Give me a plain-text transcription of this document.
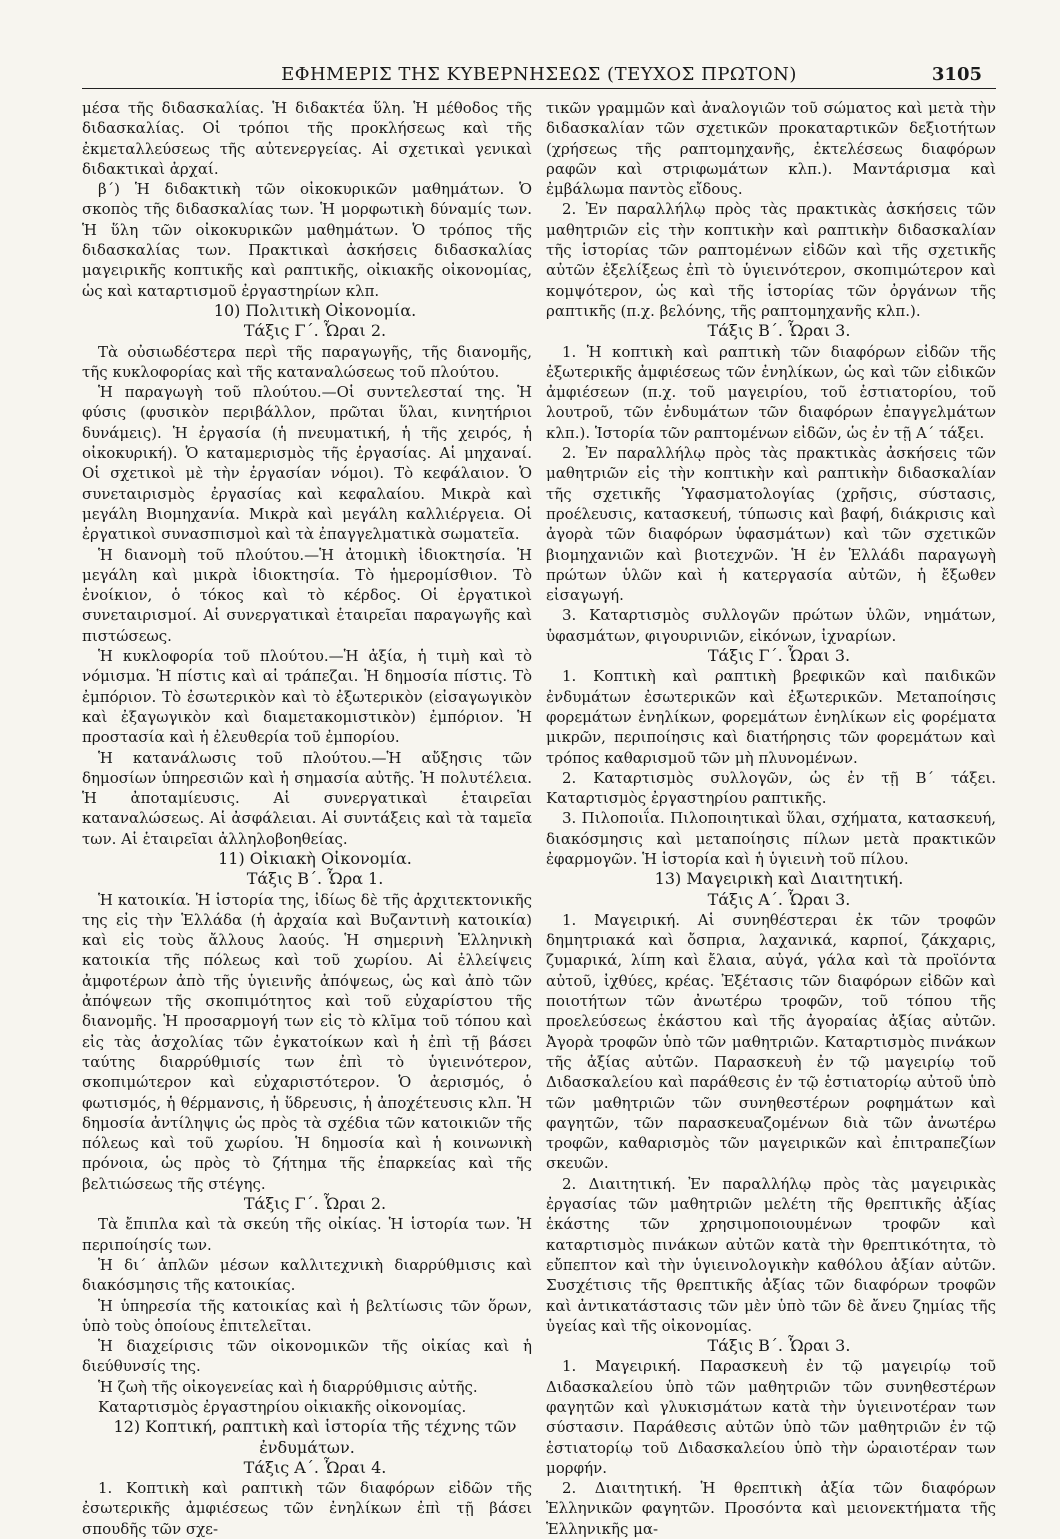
ΕΦΗΜΕΡΙΣ ΤΗΣ ΚΥΒΕΡΝΗΣΕΩΣ (ΤΕΥΧΟΣ ΠΡΩΤΟΝ)	3105

μέσα τῆς διδασκαλίας. Ἡ διδακτέα ὕλη. Ἡ μέθοδος τῆς διδασκαλίας. Οἱ τρόποι τῆς προκλήσεως καὶ τῆς ἐκμεταλλεύσεως τῆς αὐτενεργείας. Αἱ σχετικαὶ γενικαὶ διδακτικαὶ ἀρχαί.

β΄) Ἡ διδακτικὴ τῶν οἰκοκυρικῶν μαθημάτων. Ὁ σκοπὸς τῆς διδασκαλίας των. Ἡ μορφωτικὴ δύναμίς των. Ἡ ὕλη τῶν οἰκοκυρικῶν μαθημάτων. Ὁ τρόπος τῆς διδασκαλίας των. Πρακτικαὶ ἀσκήσεις διδασκαλίας μαγειρικῆς κοπτικῆς καὶ ραπτικῆς, οἰκιακῆς οἰκονομίας, ὡς καὶ καταρτισμοῦ ἐργαστηρίων κλπ.

10) Πολιτικὴ Οἰκονομία.

Τάξις Γ΄. Ὧραι 2.

Τὰ οὐσιωδέστερα περὶ τῆς παραγωγῆς, τῆς διανομῆς, τῆς κυκλοφορίας καὶ τῆς καταναλώσεως τοῦ πλούτου.

Ἡ παραγωγὴ τοῦ πλούτου.—Οἱ συντελεσταί της. Ἡ φύσις (φυσικὸν περιβάλλον, πρῶται ὕλαι, κινητήριοι δυνάμεις). Ἡ ἐργασία (ἡ πνευματική, ἡ τῆς χειρός, ἡ οἰκοκυρική). Ὁ καταμερισμὸς τῆς ἐργασίας. Αἱ μηχαναί. Οἱ σχετικοὶ μὲ τὴν ἐργασίαν νόμοι). Τὸ κεφάλαιον. Ὁ συνεταιρισμὸς ἐργασίας καὶ κεφαλαίου. Μικρὰ καὶ μεγάλη Βιομηχανία. Μικρὰ καὶ μεγάλη καλλιέργεια. Οἱ ἐργατικοὶ συνασπισμοὶ καὶ τὰ ἐπαγγελματικὰ σωματεῖα.

Ἡ διανομὴ τοῦ πλούτου.—Ἡ ἀτομικὴ ἰδιοκτησία. Ἡ μεγάλη καὶ μικρὰ ἰδιοκτησία. Τὸ ἡμερομίσθιον. Τὸ ἐνοίκιον, ὁ τόκος καὶ τὸ κέρδος. Οἱ ἐργατικοὶ συνεταιρισμοί. Αἱ συνεργατικαὶ ἑταιρεῖαι παραγωγῆς καὶ πιστώσεως.

Ἡ κυκλοφορία τοῦ πλούτου.—Ἡ ἀξία, ἡ τιμὴ καὶ τὸ νόμισμα. Ἡ πίστις καὶ αἱ τράπεζαι. Ἡ δημοσία πίστις. Τὸ ἐμπόριον. Τὸ ἐσωτερικὸν καὶ τὸ ἐξωτερικὸν (εἰσαγωγικὸν καὶ ἐξαγωγικὸν καὶ διαμετακομιστικὸν) ἐμπόριον. Ἡ προστασία καὶ ἡ ἐλευθερία τοῦ ἐμπορίου.

Ἡ κατανάλωσις τοῦ πλούτου.—Ἡ αὔξησις τῶν δημοσίων ὑπηρεσιῶν καὶ ἡ σημασία αὐτῆς. Ἡ πολυτέλεια. Ἡ ἀποταμίευσις. Αἱ συνεργατικαὶ ἑταιρεῖαι καταναλώσεως. Αἱ ἀσφάλειαι. Αἱ συντάξεις καὶ τὰ ταμεῖα των. Αἱ ἑταιρεῖαι ἀλληλοβοηθείας.

11) Οἰκιακὴ Οἰκονομία.

Τάξις Β΄. Ὧρα 1.

Ἡ κατοικία. Ἡ ἱστορία της, ἰδίως δὲ τῆς ἀρχιτεκτονικῆς της εἰς τὴν Ἑλλάδα (ἡ ἀρχαία καὶ Βυζαντινὴ κατοικία) καὶ εἰς τοὺς ἄλλους λαούς. Ἡ σημερινὴ Ἑλληνικὴ κατοικία τῆς πόλεως καὶ τοῦ χωρίου. Αἱ ἐλλείψεις ἀμφοτέρων ἀπὸ τῆς ὑγιεινῆς ἀπόψεως, ὡς καὶ ἀπὸ τῶν ἀπόψεων τῆς σκοπιμότητος καὶ τοῦ εὐχαρίστου τῆς διανομῆς. Ἡ προσαρμογή των εἰς τὸ κλῖμα τοῦ τόπου καὶ εἰς τὰς ἀσχολίας τῶν ἐγκατοίκων καὶ ἡ ἐπὶ τῇ βάσει ταύτης διαρρύθμισίς των ἐπὶ τὸ ὑγιεινότερον, σκοπιμώτερον καὶ εὐχαριστότερον. Ὁ ἀερισμός, ὁ φωτισμός, ἡ θέρμανσις, ἡ ὕδρευσις, ἡ ἀποχέτευσις κλπ. Ἡ δημοσία ἀντίληψις ὡς πρὸς τὰ σχέδια τῶν κατοικιῶν τῆς πόλεως καὶ τοῦ χωρίου. Ἡ δημοσία καὶ ἡ κοινωνικὴ πρόνοια, ὡς πρὸς τὸ ζήτημα τῆς ἐπαρκείας καὶ τῆς βελτιώσεως τῆς στέγης.

Τάξις Γ΄. Ὧραι 2.

Τὰ ἔπιπλα καὶ τὰ σκεύη τῆς οἰκίας. Ἡ ἱστορία των. Ἡ περιποίησίς των.

Ἡ δι΄ ἁπλῶν μέσων καλλιτεχνικὴ διαρρύθμισις καὶ διακόσμησις τῆς κατοικίας.

Ἡ ὑπηρεσία τῆς κατοικίας καὶ ἡ βελτίωσις τῶν ὅρων, ὑπὸ τοὺς ὁποίους ἐπιτελεῖται.

Ἡ διαχείρισις τῶν οἰκονομικῶν τῆς οἰκίας καὶ ἡ διεύθυνσίς της.

Ἡ ζωὴ τῆς οἰκογενείας καὶ ἡ διαρρύθμισις αὐτῆς.

Καταρτισμὸς ἐργαστηρίου οἰκιακῆς οἰκονομίας.

12) Κοπτική, ραπτικὴ καὶ ἱστορία τῆς τέχνης τῶν ἐνδυμάτων.

Τάξις Α΄. Ὧραι 4.

1. Κοπτικὴ καὶ ραπτικὴ τῶν διαφόρων εἰδῶν τῆς ἐσωτερικῆς ἀμφιέσεως τῶν ἐνηλίκων ἐπὶ τῇ βάσει σπουδῆς τῶν σχε-

τικῶν γραμμῶν καὶ ἀναλογιῶν τοῦ σώματος καὶ μετὰ τὴν διδασκαλίαν τῶν σχετικῶν προκαταρτικῶν δεξιοτήτων (χρήσεως τῆς ραπτομηχανῆς, ἐκτελέσεως διαφόρων ραφῶν καὶ στριφωμάτων κλπ.). Μαντάρισμα καὶ ἐμβάλωμα παντὸς εἴδους.

2. Ἐν παραλλήλῳ πρὸς τὰς πρακτικὰς ἀσκήσεις τῶν μαθητριῶν εἰς τὴν κοπτικὴν καὶ ραπτικὴν διδασκαλίαν τῆς ἱστορίας τῶν ραπτομένων εἰδῶν καὶ τῆς σχετικῆς αὐτῶν ἐξελίξεως ἐπὶ τὸ ὑγιεινότερον, σκοπιμώτερον καὶ κομψότερον, ὡς καὶ τῆς ἱστορίας τῶν ὀργάνων τῆς ραπτικῆς (π.χ. βελόνης, τῆς ραπτομηχανῆς κλπ.).

Τάξις Β΄. Ὧραι 3.

1. Ἡ κοπτικὴ καὶ ραπτικὴ τῶν διαφόρων εἰδῶν τῆς ἐξωτερικῆς ἀμφιέσεως τῶν ἐνηλίκων, ὡς καὶ τῶν εἰδικῶν ἀμφιέσεων (π.χ. τοῦ μαγειρίου, τοῦ ἑστιατορίου, τοῦ λουτροῦ, τῶν ἐνδυμάτων τῶν διαφόρων ἐπαγγελμάτων κλπ.). Ἱστορία τῶν ραπτομένων εἰδῶν, ὡς ἐν τῇ Α΄ τάξει.

2. Ἐν παραλλήλῳ πρὸς τὰς πρακτικὰς ἀσκήσεις τῶν μαθητριῶν εἰς τὴν κοπτικὴν καὶ ραπτικὴν διδασκαλίαν τῆς σχετικῆς Ὑφασματολογίας (χρῆσις, σύστασις, προέλευσις, κατασκευή, τύπωσις καὶ βαφή, διάκρισις καὶ ἀγορὰ τῶν διαφόρων ὑφασμάτων) καὶ τῶν σχετικῶν βιομηχανιῶν καὶ βιοτεχνῶν. Ἡ ἐν Ἑλλάδι παραγωγὴ πρώτων ὑλῶν καὶ ἡ κατεργασία αὐτῶν, ἡ ἔξωθεν εἰσαγωγή.

3. Καταρτισμὸς συλλογῶν πρώτων ὑλῶν, νημάτων, ὑφασμάτων, φιγουρινιῶν, εἰκόνων, ἰχναρίων.

Τάξις Γ΄. Ὧραι 3.

1. Κοπτικὴ καὶ ραπτικὴ βρεφικῶν καὶ παιδικῶν ἐνδυμάτων ἐσωτερικῶν καὶ ἐξωτερικῶν. Μεταποίησις φορεμάτων ἐνηλίκων, φορεμάτων ἐνηλίκων εἰς φορέματα μικρῶν, περιποίησις καὶ διατήρησις τῶν φορεμάτων καὶ τρόπος καθαρισμοῦ τῶν μὴ πλυνομένων.

2. Καταρτισμὸς συλλογῶν, ὡς ἐν τῇ Β΄ τάξει. Καταρτισμὸς ἐργαστηρίου ραπτικῆς.

3. Πιλοποιΐα. Πιλοποιητικαὶ ὕλαι, σχήματα, κατασκευή, διακόσμησις καὶ μεταποίησις πίλων μετὰ πρακτικῶν ἐφαρμογῶν. Ἡ ἱστορία καὶ ἡ ὑγιεινὴ τοῦ πίλου.

13) Μαγειρικὴ καὶ Διαιτητική.

Τάξις Α΄. Ὧραι 3.

1. Μαγειρική. Αἱ συνηθέστεραι ἐκ τῶν τροφῶν δημητριακά καὶ ὄσπρια, λαχανικά, καρποί, ζάκχαρις, ζυμαρικά, λίπη καὶ ἔλαια, αὐγά, γάλα καὶ τὰ προϊόντα αὐτοῦ, ἰχθύες, κρέας. Ἐξέτασις τῶν διαφόρων εἰδῶν καὶ ποιοτήτων τῶν ἀνωτέρω τροφῶν, τοῦ τόπου τῆς προελεύσεως ἑκάστου καὶ τῆς ἀγοραίας ἀξίας αὐτῶν. Ἀγορὰ τροφῶν ὑπὸ τῶν μαθητριῶν. Καταρτισμὸς πινάκων τῆς ἀξίας αὐτῶν. Παρασκευὴ ἐν τῷ μαγειρίῳ τοῦ Διδασκαλείου καὶ παράθεσις ἐν τῷ ἑστιατορίῳ αὐτοῦ ὑπὸ τῶν μαθητριῶν τῶν συνηθεστέρων ροφημάτων καὶ φαγητῶν, τῶν παρασκευαζομένων διὰ τῶν ἀνωτέρω τροφῶν, καθαρισμὸς τῶν μαγειρικῶν καὶ ἐπιτραπεζίων σκευῶν.

2. Διαιτητική. Ἐν παραλλήλῳ πρὸς τὰς μαγειρικὰς ἐργασίας τῶν μαθητριῶν μελέτη τῆς θρεπτικῆς ἀξίας ἑκάστης τῶν χρησιμοποιουμένων τροφῶν καὶ καταρτισμὸς πινάκων αὐτῶν κατὰ τὴν θρεπτικότητα, τὸ εὔπεπτον καὶ τὴν ὑγιεινολογικὴν καθόλου ἀξίαν αὐτῶν. Συσχέτισις τῆς θρεπτικῆς ἀξίας τῶν διαφόρων τροφῶν καὶ ἀντικατάστασις τῶν μὲν ὑπὸ τῶν δὲ ἄνευ ζημίας τῆς ὑγείας καὶ τῆς οἰκονομίας.

Τάξις Β΄. Ὧραι 3.

1. Μαγειρική. Παρασκευὴ ἐν τῷ μαγειρίῳ τοῦ Διδασκαλείου ὑπὸ τῶν μαθητριῶν τῶν συνηθεστέρων φαγητῶν καὶ γλυκισμάτων κατὰ τὴν ὑγιεινοτέραν των σύστασιν. Παράθεσις αὐτῶν ὑπὸ τῶν μαθητριῶν ἐν τῷ ἑστιατορίῳ τοῦ Διδασκαλείου ὑπὸ τὴν ὡραιοτέραν των μορφήν.

2. Διαιτητική. Ἡ θρεπτικὴ ἀξία τῶν διαφόρων Ἑλληνικῶν φαγητῶν. Προσόντα καὶ μειονεκτήματα τῆς Ἑλληνικῆς μα-
